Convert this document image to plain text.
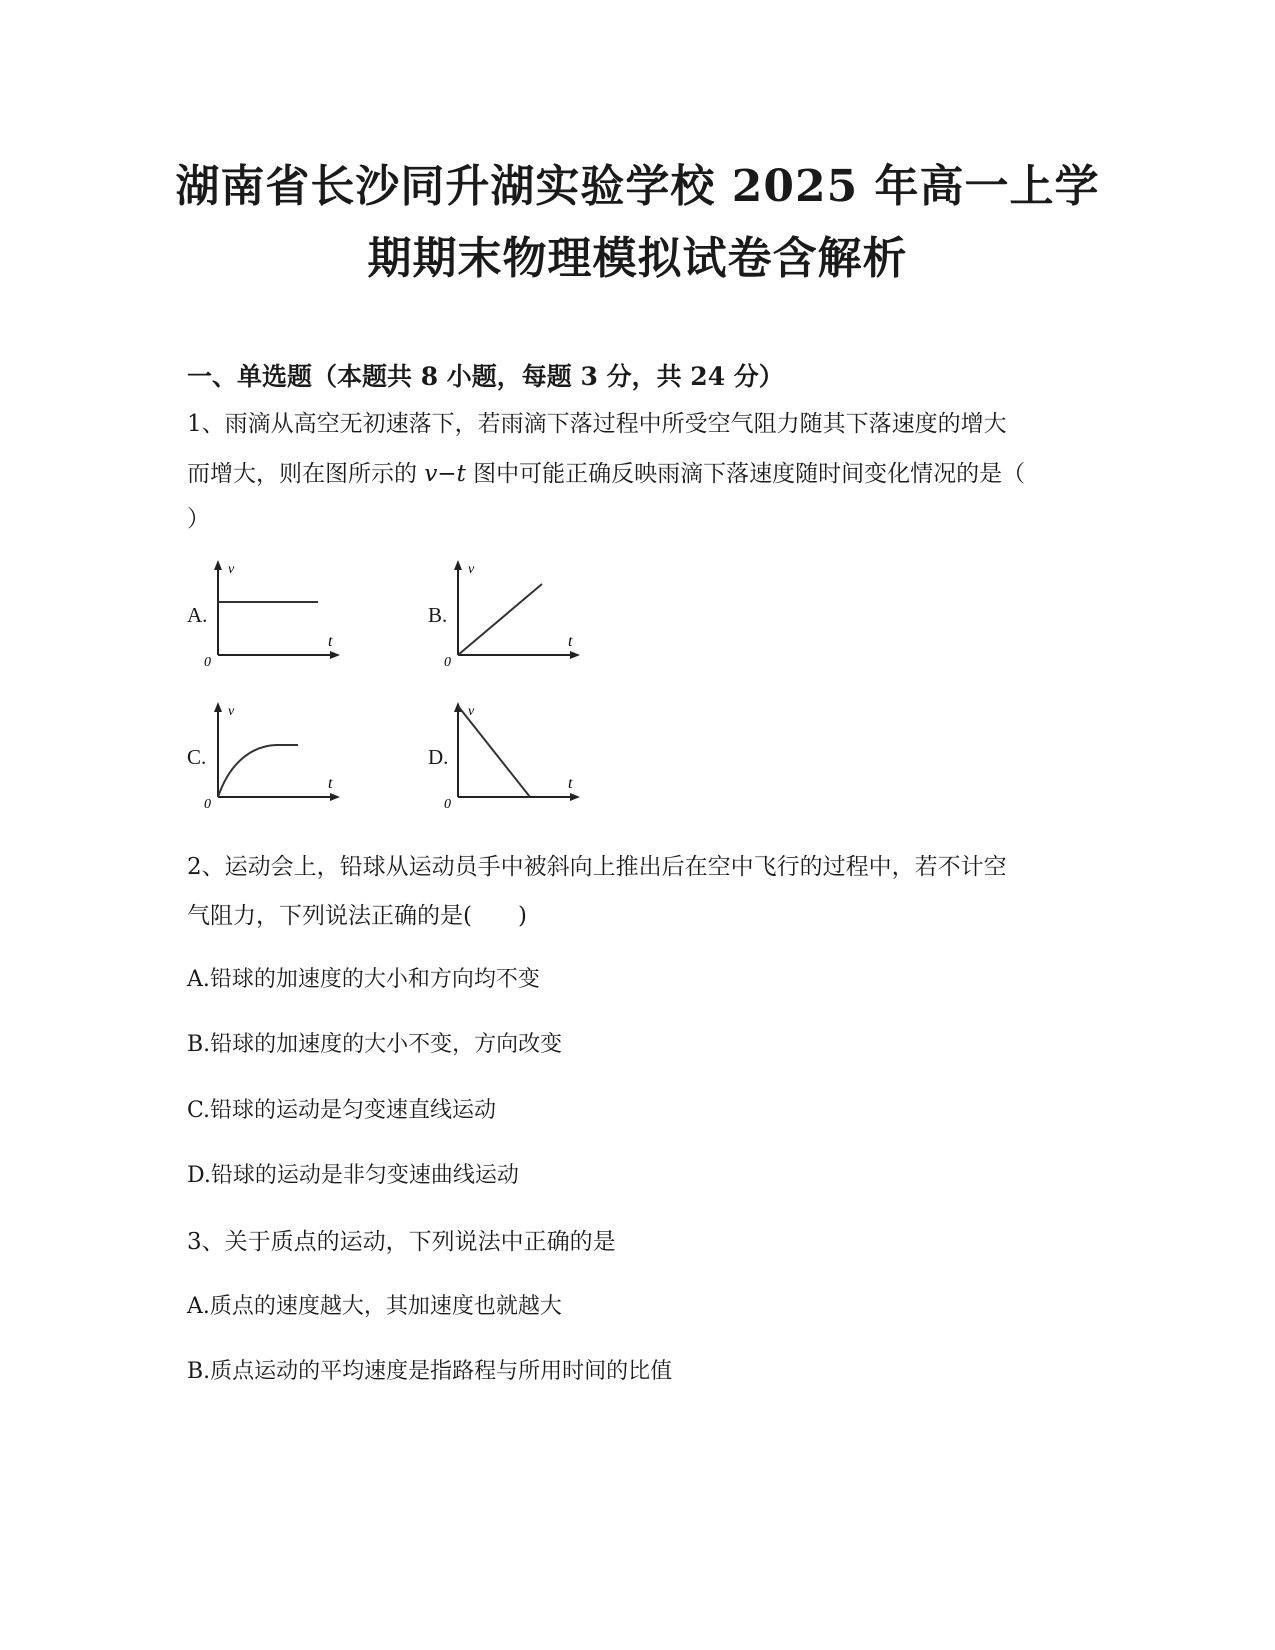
湖南省长沙同升湖实验学校 2025 年高一上学
期期末物理模拟试卷含解析
一、单选题（本题共 8 小题，每题 3 分，共 24 分）
1、雨滴从高空无初速落下，若雨滴下落过程中所受空气阻力随其下落速度的增大
而增大，则在图所示的 v−t 图中可能正确反映雨滴下落速度随时间变化情况的是（
）
A.
v
t
0
B.
v
t
0
C.
v
t
0
D.
v
t
0
2、运动会上，铅球从运动员手中被斜向上推出后在空中飞行的过程中，若不计空
气阻力，下列说法正确的是(　　)
A.铅球的加速度的大小和方向均不变
B.铅球的加速度的大小不变，方向改变
C.铅球的运动是匀变速直线运动
D.铅球的运动是非匀变速曲线运动
3、关于质点的运动，下列说法中正确的是
A.质点的速度越大，其加速度也就越大
B.质点运动的平均速度是指路程与所用时间的比值
